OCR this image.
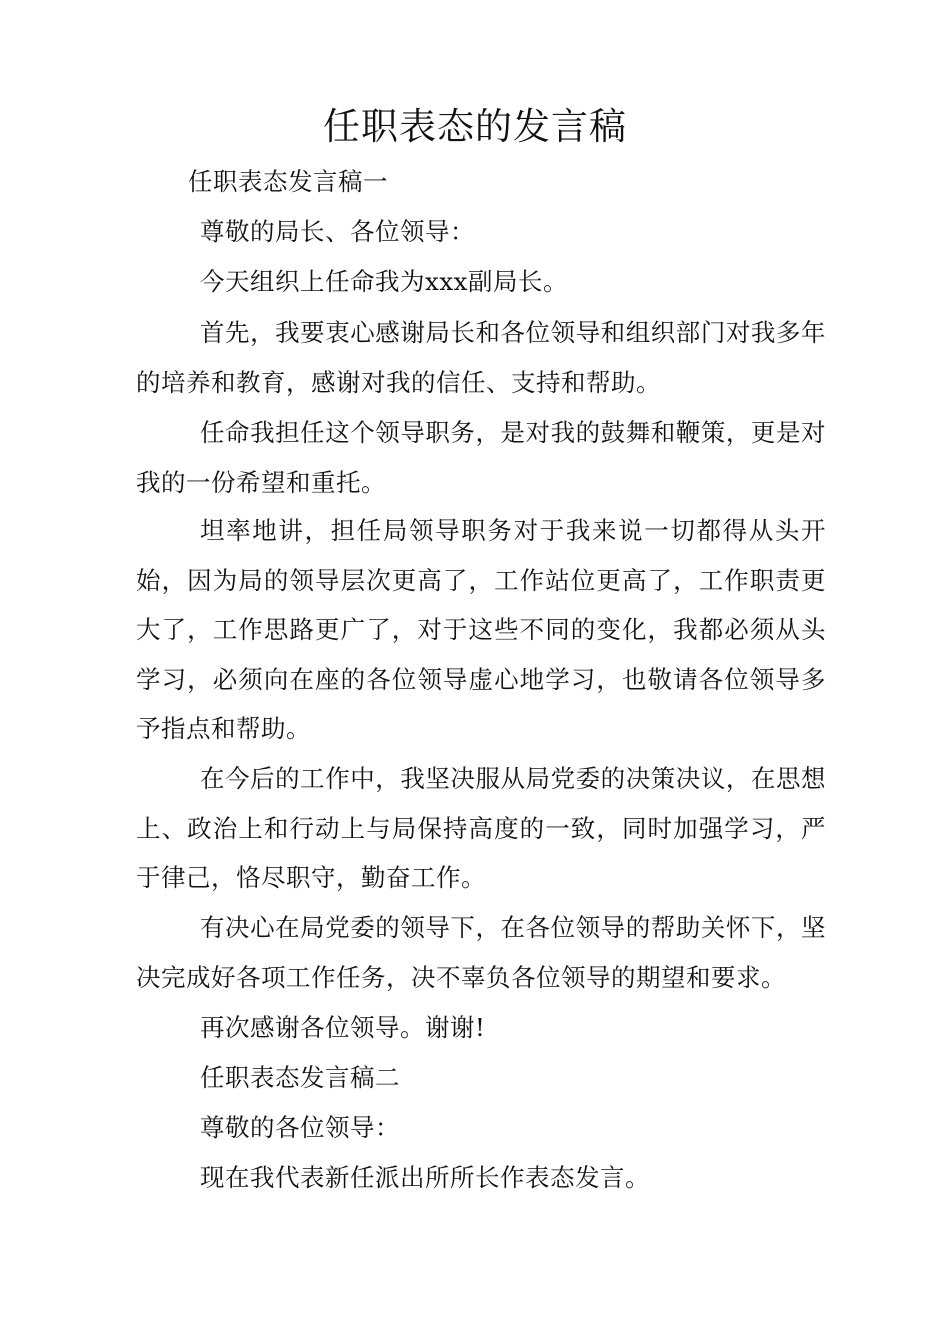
任职表态的发言稿

任职表态发言稿一

尊敬的局长、各位领导：

今天组织上任命我为xxx副局长。

首先，我要衷心感谢局长和各位领导和组织部门对我多年的培养和教育，感谢对我的信任、支持和帮助。

任命我担任这个领导职务，是对我的鼓舞和鞭策，更是对我的一份希望和重托。

坦率地讲，担任局领导职务对于我来说一切都得从头开始，因为局的领导层次更高了，工作站位更高了，工作职责更大了，工作思路更广了，对于这些不同的变化，我都必须从头学习，必须向在座的各位领导虚心地学习，也敬请各位领导多予指点和帮助。

在今后的工作中，我坚决服从局党委的决策决议，在思想上、政治上和行动上与局保持高度的一致，同时加强学习，严于律己，恪尽职守，勤奋工作。

有决心在局党委的领导下，在各位领导的帮助关怀下，坚决完成好各项工作任务，决不辜负各位领导的期望和要求。

再次感谢各位领导。谢谢!

任职表态发言稿二

尊敬的各位领导：

现在我代表新任派出所所长作表态发言。
